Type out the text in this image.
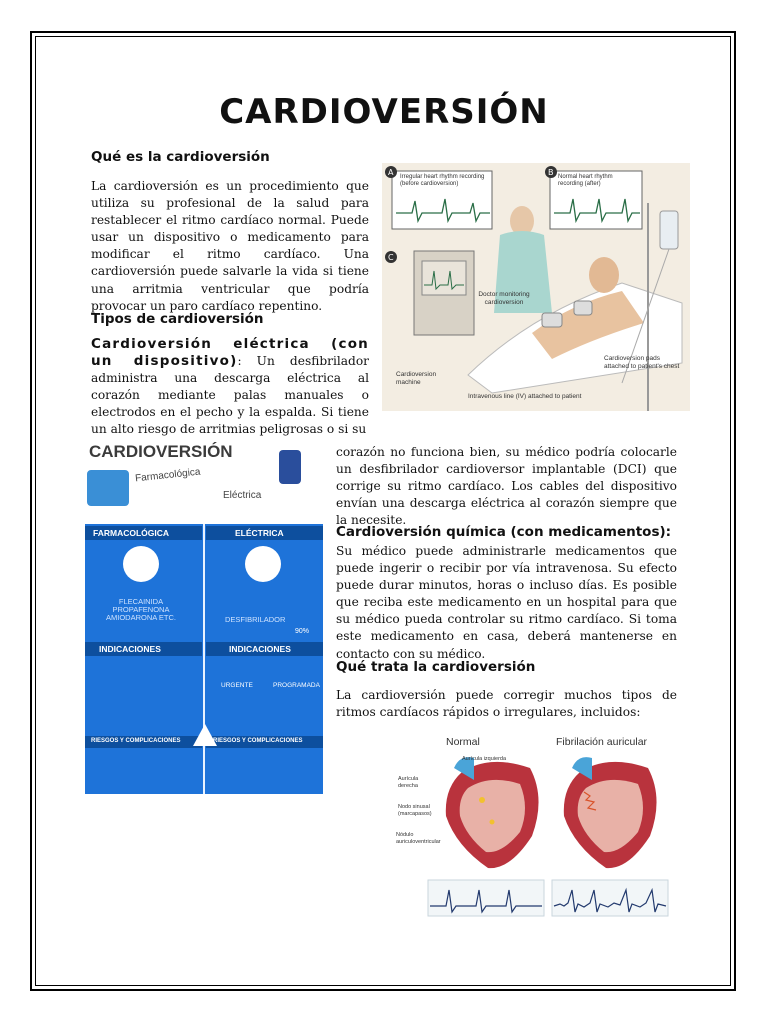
CARDIOVERSIÓN
Qué es la cardioversión
La cardioversión es un procedimiento que utiliza su profesional de la salud para restablecer el ritmo cardíaco normal. Puede usar un dispositivo o medicamento para modificar el ritmo cardíaco. Una cardioversión puede salvarle la vida si tiene una arritmia ventricular que podría provocar un paro cardíaco repentino.
Tipos de cardioversión
Cardioversión eléctrica (con un dispositivo): Un desfibrilador administra una descarga eléctrica al corazón mediante palas manuales o electrodos en el pecho y la espalda. Si tiene un alto riesgo de arritmias peligrosas o si su
corazón no funciona bien, su médico podría colocarle un desfibrilador cardioversor implantable (DCI) que corrige su ritmo cardíaco. Los cables del dispositivo envían una descarga eléctrica al corazón siempre que la necesite.
Cardioversión química (con medicamentos):
Su médico puede administrarle medicamentos que puede ingerir o recibir por vía intravenosa. Su efecto puede durar minutos, horas o incluso días. Es posible que reciba este medicamento en un hospital para que su médico pueda controlar su ritmo cardíaco. Si toma este medicamento en casa, deberá mantenerse en contacto con su médico.
Qué trata la cardioversión
La cardioversión puede corregir muchos tipos de ritmos cardíacos rápidos o irregulares, incluidos:
A	B
C
Irregular heart rhythm recording (before cardioversion)
Normal heart rhythm recording (after)
Doctor monitoring cardioversion
Cardioversion machine
Cardioversion pads attached to patient's chest
Intravenous line (IV) attached to patient
CARDIOVERSIÓN
Farmacológica
Eléctrica
FARMACOLÓGICA	ELÉCTRICA
FLECAINIDA PROPAFENONA AMIODARONA ETC.	DESFIBRILADOR
90%
INDICACIONES	INDICACIONES
URGENTE	PROGRAMADA
RIESGOS Y COMPLICACIONES	RIESGOS Y COMPLICACIONES	Normal	Fibrilación auricular
Aurícula izquierda
Aurícula derecha
Nodo sinusal (marcapasos)
Nódulo auriculoventricular
